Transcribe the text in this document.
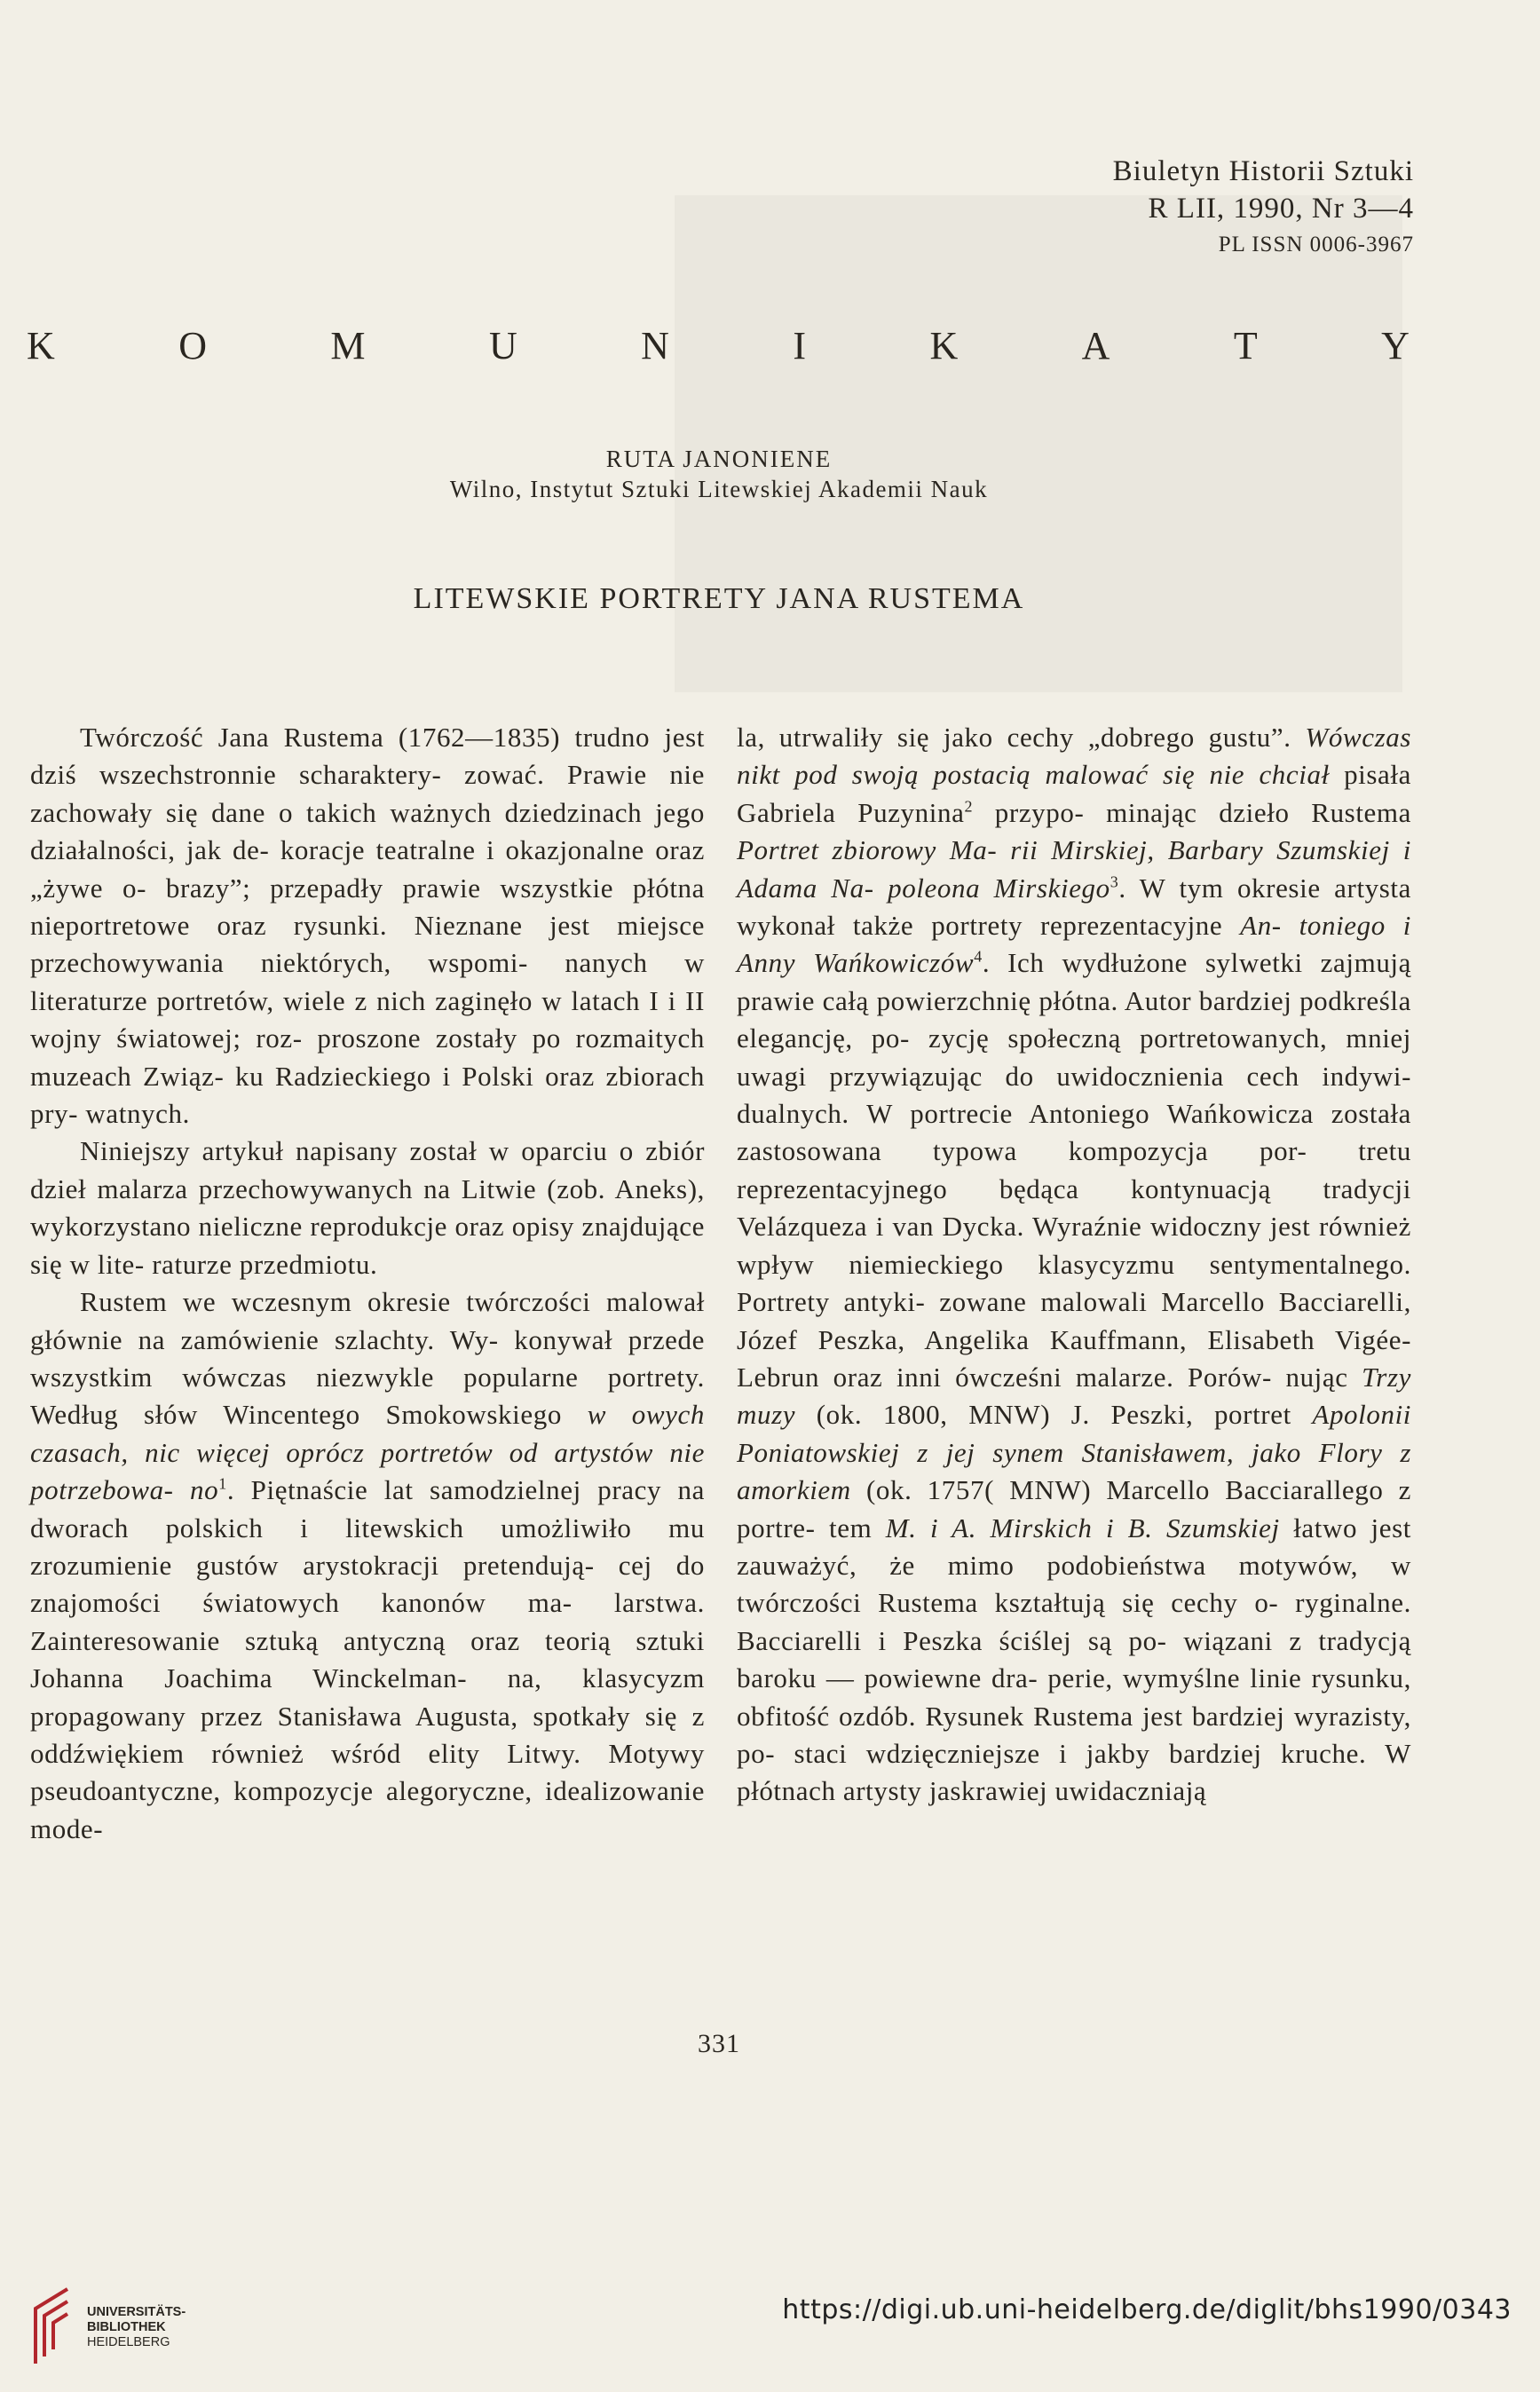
Biuletyn Historii Sztuki
R LII, 1990, Nr 3—4
PL ISSN 0006-3967
K	O	M	U	N	I	K	A	T	Y
RUTA JANONIENE
Wilno, Instytut Sztuki Litewskiej Akademii Nauk
LITEWSKIE PORTRETY JANA RUSTEMA

Twórczość Jana Rustema (1762—1835) trudno jest dziś wszechstronnie scharaktery- zować. Prawie nie zachowały się dane o takich ważnych dziedzinach jego działalności, jak de- koracje teatralne i okazjonalne oraz „żywe o- brazy”; przepadły prawie wszystkie płótna nieportretowe oraz rysunki. Nieznane jest miejsce przechowywania niektórych, wspomi- nanych w literaturze portretów, wiele z nich zaginęło w latach I i II wojny światowej; roz- proszone zostały po rozmaitych muzeach Związ- ku Radzieckiego i Polski oraz zbiorach pry- watnych.

Niniejszy artykuł napisany został w oparciu o zbiór dzieł malarza przechowywanych na Litwie (zob. Aneks), wykorzystano nieliczne reprodukcje oraz opisy znajdujące się w lite- raturze przedmiotu.

Rustem we wczesnym okresie twórczości malował głównie na zamówienie szlachty. Wy- konywał przede wszystkim wówczas niezwykle popularne portrety. Według słów Wincentego Smokowskiego w owych czasach, nic więcej oprócz portretów od artystów nie potrzebowa- $no^1$. Piętnaście lat samodzielnej pracy na dworach polskich i litewskich umożliwiło mu zrozumienie gustów arystokracji pretendują- cej do znajomości światowych kanonów ma- larstwa. Zainteresowanie sztuką antyczną oraz teorią sztuki Johanna Joachima Winckelman- na, klasycyzm propagowany przez Stanisława Augusta, spotkały się z oddźwiękiem również wśród elity Litwy. Motywy pseudoantyczne, kompozycje alegoryczne, idealizowanie mode-

la, utrwaliły się jako cechy „dobrego gustu”. Wówczas nikt pod swoją postacią malować się nie chciał pisała Gabriela Puzynina$^2$ przypo- minając dzieło Rustema Portret zbiorowy Ma- rii Mirskiej, Barbary Szumskiej i Adama Na- poleona Mirskiego$^3$. W tym okresie artysta wykonał także portrety reprezentacyjne An- toniego i Anny Wańkowiczów$^4$. Ich wydłużone sylwetki zajmują prawie całą powierzchnię płótna. Autor bardziej podkreśla elegancję, po- zycję społeczną portretowanych, mniej uwagi przywiązując do uwidocznienia cech indywi- dualnych. W portrecie Antoniego Wańkowicza została zastosowana typowa kompozycja por- tretu reprezentacyjnego będąca kontynuacją tradycji Velázqueza i van Dycka. Wyraźnie widoczny jest również wpływ niemieckiego klasycyzmu sentymentalnego. Portrety antyki- zowane malowali Marcello Bacciarelli, Józef Peszka, Angelika Kauffmann, Elisabeth Vigée- Lebrun oraz inni ówcześni malarze. Porów- nując Trzy muzy (ok. 1800, MNW) J. Peszki, portret Apolonii Poniatowskiej z jej synem Stanisławem, jako Flory z amorkiem (ok. 1757( MNW) Marcello Bacciarallego z portre- tem M. i A. Mirskich i B. Szumskiej łatwo jest zauważyć, że mimo podobieństwa motywów, w twórczości Rustema kształtują się cechy o- ryginalne. Bacciarelli i Peszka ściślej są po- wiązani z tradycją baroku — powiewne dra- perie, wymyślne linie rysunku, obfitość ozdób. Rysunek Rustema jest bardziej wyrazisty, po- staci wdzięczniejsze i jakby bardziej kruche. W płótnach artysty jaskrawiej uwidaczniają

331
UNIVERSITÄTS-
BIBLIOTHEK
HEIDELBERG
https://digi.ub.uni-heidelberg.de/diglit/bhs1990/0343
